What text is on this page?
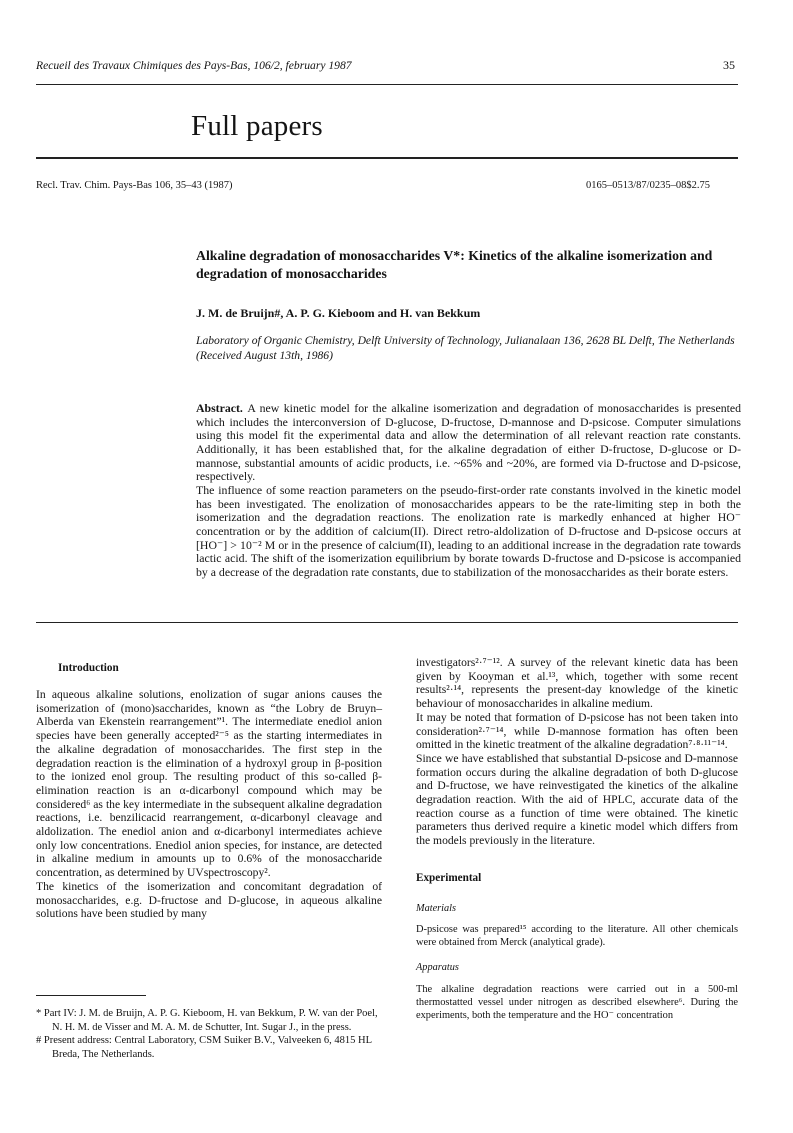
Recueil des Travaux Chimiques des Pays-Bas, 106/2, february 1987	35
Full papers
Recl. Trav. Chim. Pays-Bas 106, 35–43 (1987)	0165–0513/87/0235–08$2.75
Alkaline degradation of monosaccharides V*: Kinetics of the alkaline isomerization and degradation of monosaccharides
J. M. de Bruijn#, A. P. G. Kieboom and H. van Bekkum
Laboratory of Organic Chemistry, Delft University of Technology, Julianalaan 136, 2628 BL Delft, The Netherlands
(Received August 13th, 1986)

Abstract. A new kinetic model for the alkaline isomerization and degradation of monosaccharides is presented which includes the interconversion of D-glucose, D-fructose, D-mannose and D-psicose. Computer simulations using this model fit the experimental data and allow the determination of all relevant reaction rate constants. Additionally, it has been established that, for the alkaline degradation of either D-fructose, D-glucose or D-mannose, substantial amounts of acidic products, i.e. ~65% and ~20%, are formed via D-fructose and D-psicose, respectively.

The influence of some reaction parameters on the pseudo-first-order rate constants involved in the kinetic model has been investigated. The enolization of monosaccharides appears to be the rate-limiting step in both the isomerization and the degradation reactions. The enolization rate is markedly enhanced at higher HO⁻ concentration or by the addition of calcium(II). Direct retro-aldolization of D-fructose and D-psicose occurs at [HO⁻] > 10⁻² M or in the presence of calcium(II), leading to an additional increase in the degradation rate towards lactic acid. The shift of the isomerization equilibrium by borate towards D-fructose and D-psicose is accompanied by a decrease of the degradation rate constants, due to stabilization of the monosaccharides as their borate esters.

Introduction

In aqueous alkaline solutions, enolization of sugar anions causes the isomerization of (mono)saccharides, known as “the Lobry de Bruyn–Alberda van Ekenstein rearrangement”¹. The intermediate enediol anion species have been generally accepted²⁻⁵ as the starting intermediates in the alkaline degradation of monosaccharides. The first step in the degradation reaction is the elimination of a hydroxyl group in β-position to the ionized enol group. The resulting product of this so-called β-elimination reaction is an α-dicarbonyl compound which may be considered⁶ as the key intermediate in the subsequent alkaline degradation reactions, i.e. benzilicacid rearrangement, α-dicarbonyl cleavage and aldolization. The enediol anion and α-dicarbonyl intermediates achieve only low concentrations. Enediol anion species, for instance, are detected in alkaline medium in amounts up to 0.6% of the monosaccharide concentration, as determined by UVspectroscopy².

The kinetics of the isomerization and concomitant degradation of monosaccharides, e.g. D-fructose and D-glucose, in aqueous alkaline solutions have been studied by many

* Part IV: J. M. de Bruijn, A. P. G. Kieboom, H. van Bekkum, P. W. van der Poel, N. H. M. de Visser and M. A. M. de Schutter, Int. Sugar J., in the press.

# Present address: Central Laboratory, CSM Suiker B.V., Valveeken 6, 4815 HL Breda, The Netherlands.

investigators²·⁷⁻¹². A survey of the relevant kinetic data has been given by Kooyman et al.¹³, which, together with some recent results²·¹⁴, represents the present-day knowledge of the kinetic behaviour of monosaccharides in alkaline medium.

It may be noted that formation of D-psicose has not been taken into consideration²·⁷⁻¹⁴, while D-mannose formation has often been omitted in the kinetic treatment of the alkaline degradation⁷·⁸·¹¹⁻¹⁴.

Since we have established that substantial D-psicose and D-mannose formation occurs during the alkaline degradation of both D-glucose and D-fructose, we have reinvestigated the kinetics of the alkaline degradation reaction. With the aid of HPLC, accurate data of the reaction course as a function of time were obtained. The kinetic parameters thus derived require a kinetic model which differs from the models previously in the literature.

Experimental
Materials

D-psicose was prepared¹⁵ according to the literature. All other chemicals were obtained from Merck (analytical grade).

Apparatus

The alkaline degradation reactions were carried out in a 500-ml thermostatted vessel under nitrogen as described elsewhere⁶. During the experiments, both the temperature and the HO⁻ concentration
